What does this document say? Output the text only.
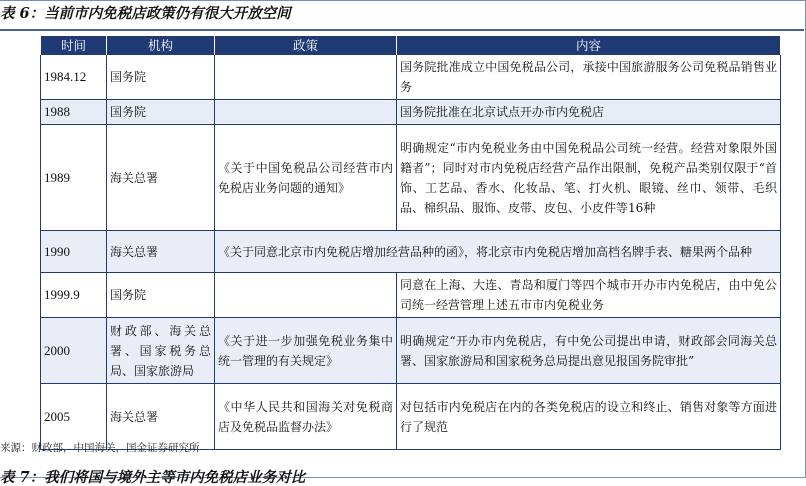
表 6：当前市内免税店政策仍有很大开放空间
时间	机构	政策	内容
1984.12	国务院		国务院批准成立中国免税品公司，承接中国旅游服务公司免税品销售业务
1988	国务院		国务院批准在北京试点开办市内免税店
1989	海关总署	《关于中国免税品公司经营市内免税店业务问题的通知》	明确规定“市内免税业务由中国免税品公司统一经营。经营对象限外国籍者”；同时对市内免税店经营产品作出限制，免税产品类别仅限于“首饰、工艺品、香水、化妆品、笔、打火机、眼镜、丝巾、领带、毛织品、棉织品、服饰、皮带、皮包、小皮件等16种
1990	海关总署	《关于同意北京市内免税店增加经营品种的函》，将北京市内免税店增加高档名牌手表、糖果两个品种	
1999.9	国务院		同意在上海、大连、青岛和厦门等四个城市开办市内免税店，由中免公司统一经营管理上述五市市内免税业务
2000	财政部、海关总署、国家税务总局、国家旅游局	《关于进一步加强免税业务集中统一管理的有关规定》	明确规定“开办市内免税店，有中免公司提出申请，财政部会同海关总署、国家旅游局和国家税务总局提出意见报国务院审批”
2005	海关总署	《中华人民共和国海关对免税商店及免税品监督办法》	对包括市内免税店在内的各类免税店的设立和终止、销售对象等方面进行了规范
来源：财政部，中国海关，国金证券研究所
表 7：我们将国与境外主等市内免税店业务对比
